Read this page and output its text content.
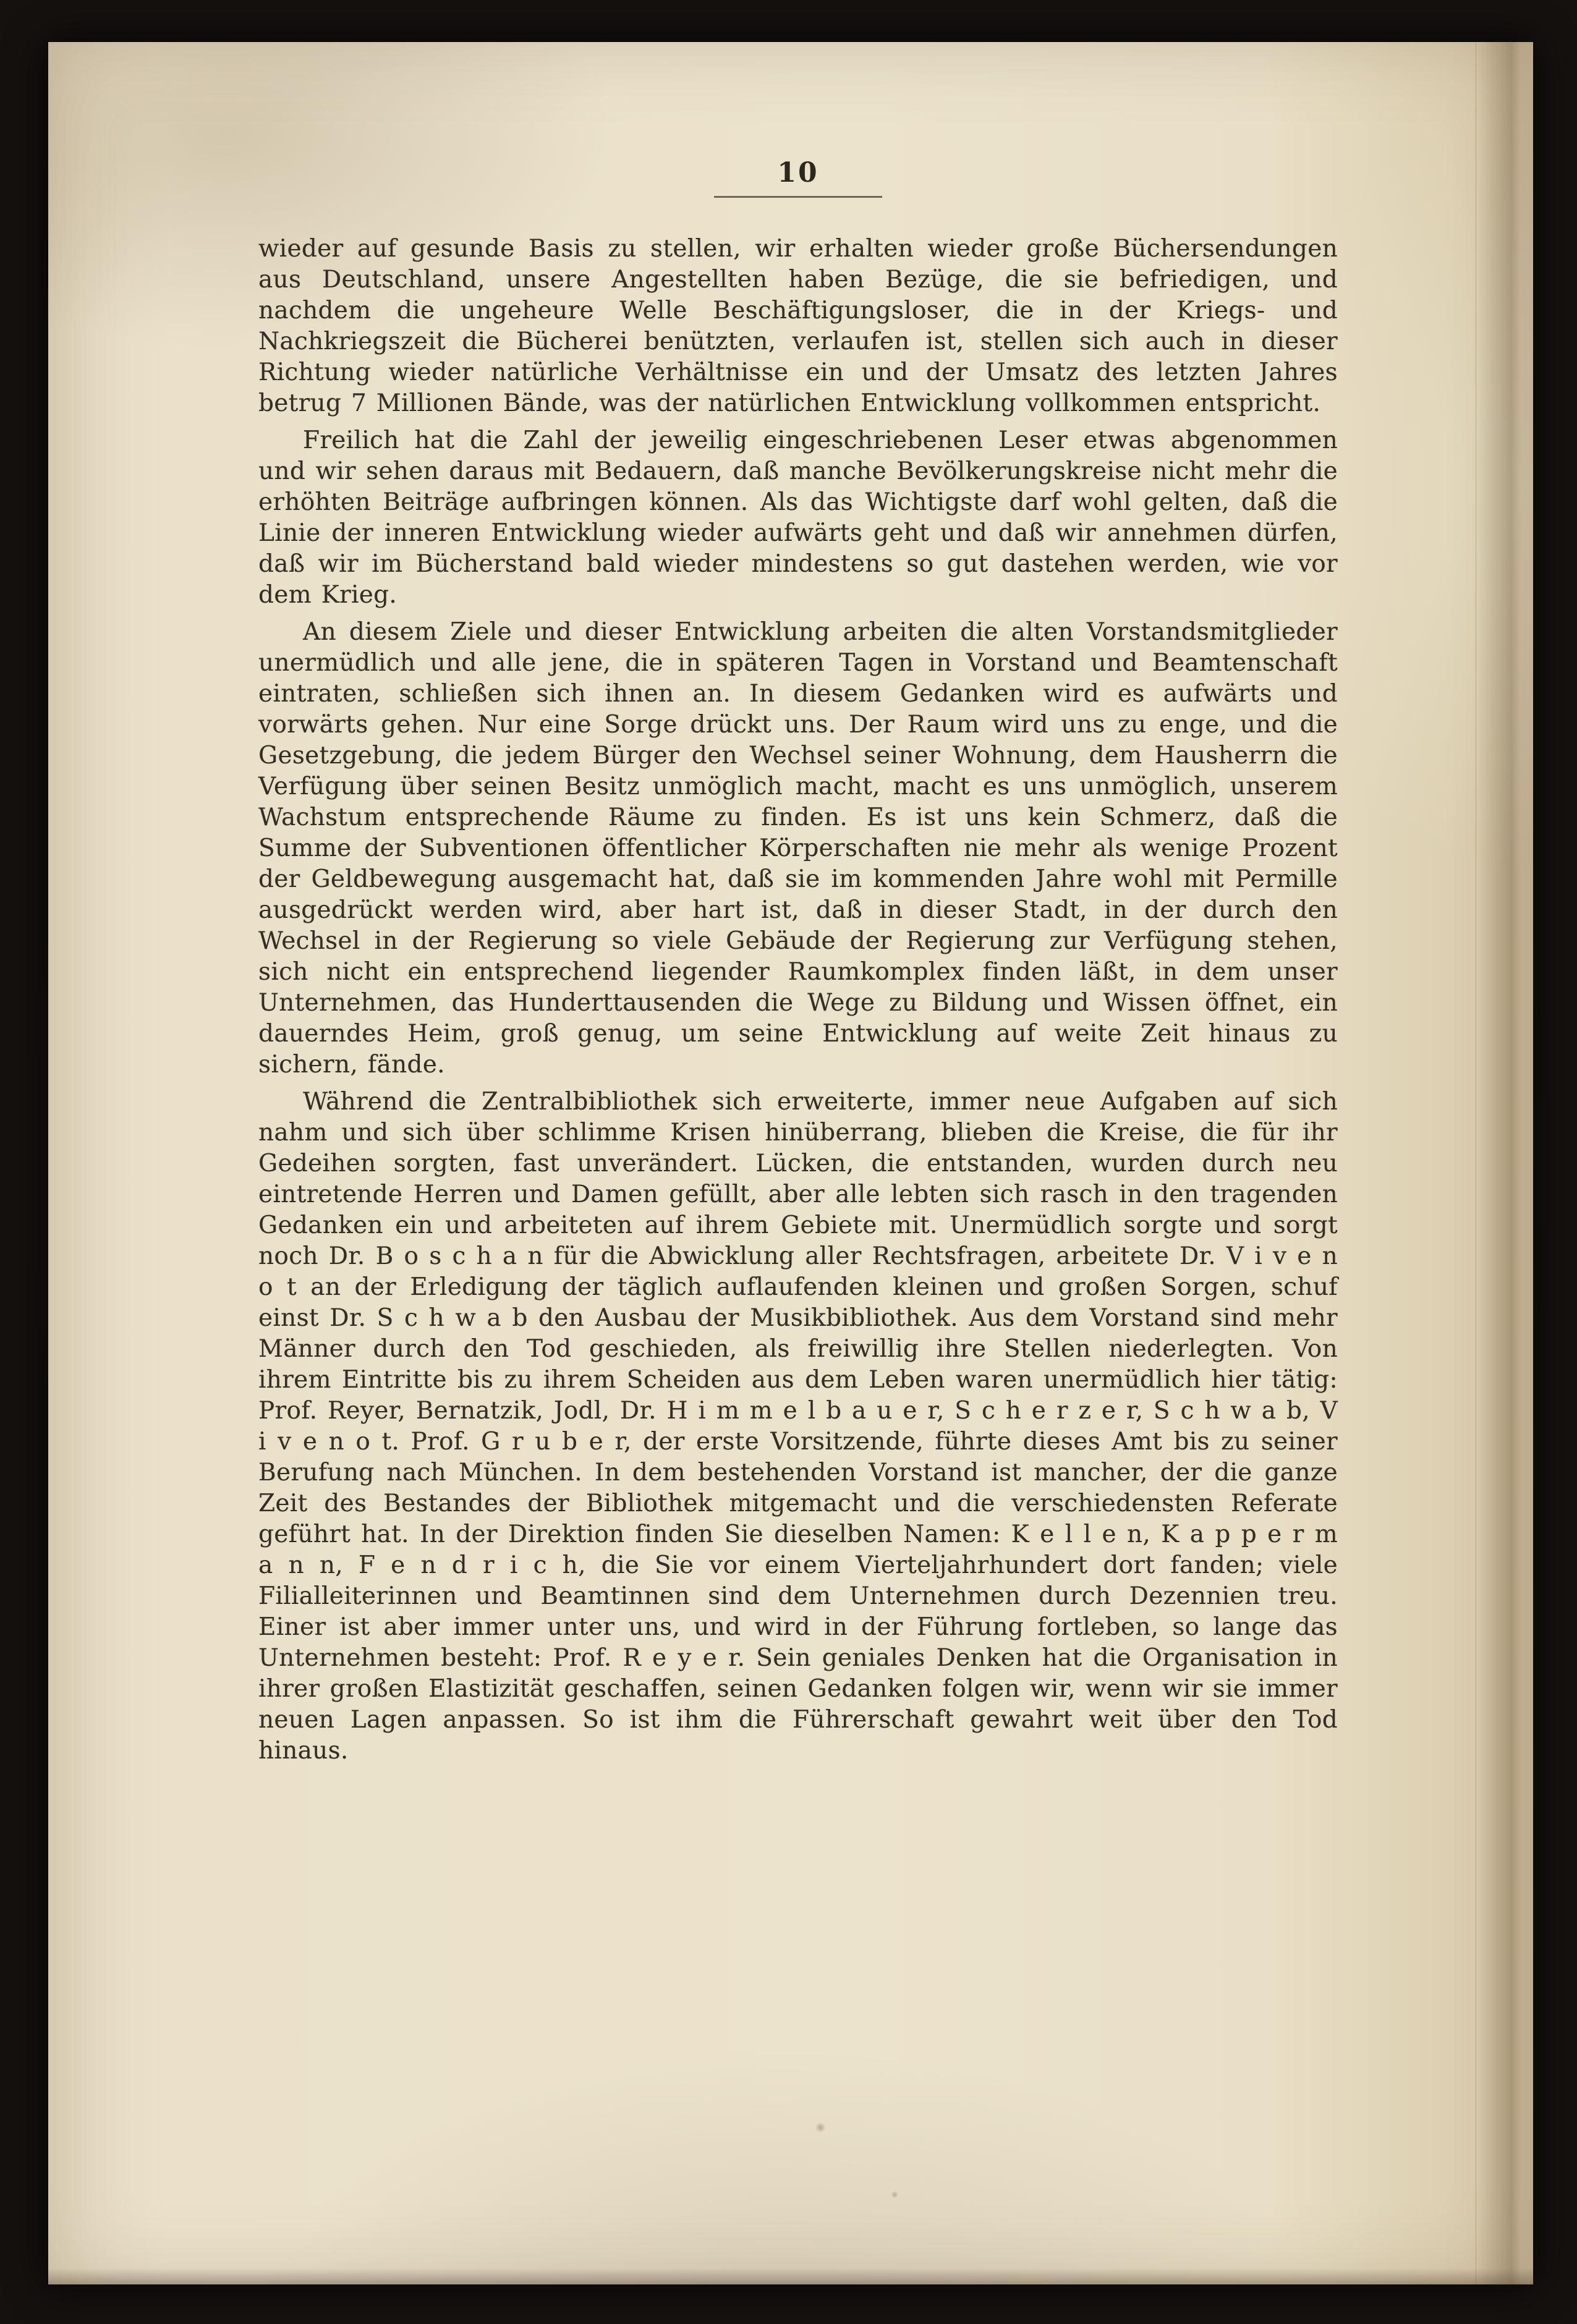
10

wieder auf gesunde Basis zu stellen, wir erhalten wieder große Büchersendungen aus Deutschland, unsere Angestellten haben Bezüge, die sie befriedigen, und nachdem die ungeheure Welle Beschäftigungsloser, die in der Kriegs- und Nachkriegszeit die Bücherei benützten, verlaufen ist, stellen sich auch in dieser Richtung wieder natürliche Verhältnisse ein und der Umsatz des letzten Jahres betrug 7 Millionen Bände, was der natürlichen Entwicklung vollkommen entspricht.

Freilich hat die Zahl der jeweilig eingeschriebenen Leser etwas abgenommen und wir sehen daraus mit Bedauern, daß manche Bevölkerungskreise nicht mehr die erhöhten Beiträge aufbringen können. Als das Wichtigste darf wohl gelten, daß die Linie der inneren Entwicklung wieder aufwärts geht und daß wir annehmen dürfen, daß wir im Bücherstand bald wieder mindestens so gut dastehen werden, wie vor dem Krieg.

An diesem Ziele und dieser Entwicklung arbeiten die alten Vorstandsmitglieder unermüdlich und alle jene, die in späteren Tagen in Vorstand und Beamtenschaft eintraten, schließen sich ihnen an. In diesem Gedanken wird es aufwärts und vorwärts gehen. Nur eine Sorge drückt uns. Der Raum wird uns zu enge, und die Gesetzgebung, die jedem Bürger den Wechsel seiner Wohnung, dem Hausherrn die Verfügung über seinen Besitz unmöglich macht, macht es uns unmöglich, unserem Wachstum entsprechende Räume zu finden. Es ist uns kein Schmerz, daß die Summe der Subventionen öffentlicher Körperschaften nie mehr als wenige Prozent der Geldbewegung ausgemacht hat, daß sie im kommenden Jahre wohl mit Permille ausgedrückt werden wird, aber hart ist, daß in dieser Stadt, in der durch den Wechsel in der Regierung so viele Gebäude der Regierung zur Verfügung stehen, sich nicht ein entsprechend liegender Raumkomplex finden läßt, in dem unser Unternehmen, das Hunderttausenden die Wege zu Bildung und Wissen öffnet, ein dauerndes Heim, groß genug, um seine Entwicklung auf weite Zeit hinaus zu sichern, fände.

Während die Zentralbibliothek sich erweiterte, immer neue Aufgaben auf sich nahm und sich über schlimme Krisen hinüberrang, blieben die Kreise, die für ihr Gedeihen sorgten, fast unverändert. Lücken, die entstanden, wurden durch neu eintretende Herren und Damen gefüllt, aber alle lebten sich rasch in den tragenden Gedanken ein und arbeiteten auf ihrem Gebiete mit. Unermüdlich sorgte und sorgt noch Dr. B o s c h a n für die Abwicklung aller Rechtsfragen, arbeitete Dr. V i v e n o t an der Erledigung der täglich auflaufenden kleinen und großen Sorgen, schuf einst Dr. S c h w a b den Ausbau der Musikbibliothek. Aus dem Vorstand sind mehr Männer durch den Tod geschieden, als freiwillig ihre Stellen niederlegten. Von ihrem Eintritte bis zu ihrem Scheiden aus dem Leben waren unermüdlich hier tätig: Prof. Reyer, Bernatzik, Jodl, Dr. H i m m e l b a u e r, S c h e r z e r, S c h w a b, V i v e n o t. Prof. G r u b e r, der erste Vorsitzende, führte dieses Amt bis zu seiner Berufung nach München. In dem bestehenden Vorstand ist mancher, der die ganze Zeit des Bestandes der Bibliothek mitgemacht und die verschiedensten Referate geführt hat. In der Direktion finden Sie dieselben Namen: K e l l e n, K a p p e r m a n n, F e n d r i c h, die Sie vor einem Vierteljahrhundert dort fanden; viele Filialleiterinnen und Beamtinnen sind dem Unternehmen durch Dezennien treu. Einer ist aber immer unter uns, und wird in der Führung fortleben, so lange das Unternehmen besteht: Prof. R e y e r. Sein geniales Denken hat die Organisation in ihrer großen Elastizität geschaffen, seinen Gedanken folgen wir, wenn wir sie immer neuen Lagen anpassen. So ist ihm die Führerschaft gewahrt weit über den Tod hinaus.
